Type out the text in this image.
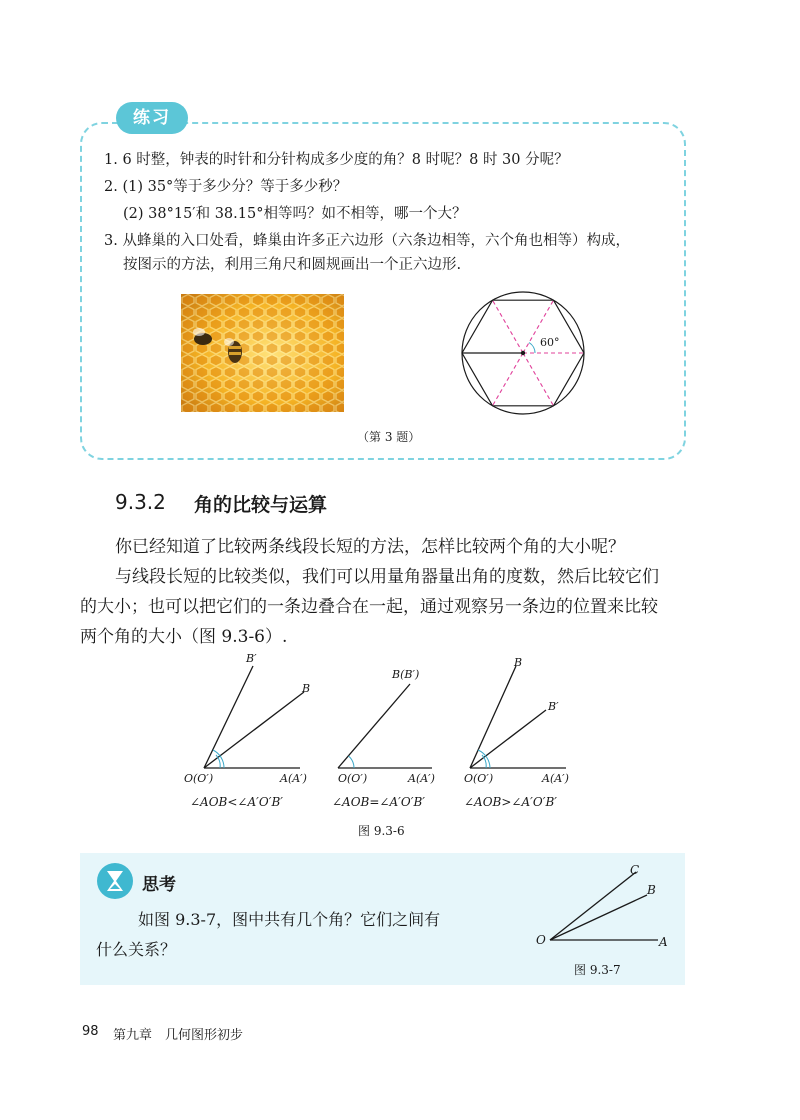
练习
1. 6 时整，钟表的时针和分针构成多少度的角？8 时呢？8 时 30 分呢？
2. (1) 35°等于多少分？等于多少秒？
(2) 38°15′和 38.15°相等吗？如不相等，哪一个大？
3. 从蜂巢的入口处看，蜂巢由许多正六边形（六条边相等，六个角也相等）构成，
按图示的方法，利用三角尺和圆规画出一个正六边形.
60°
（第 3 题）
9.3.2 角的比较与运算
你已经知道了比较两条线段长短的方法，怎样比较两个角的大小呢？
与线段长短的比较类似，我们可以用量角器量出角的度数，然后比较它们
的大小；也可以把它们的一条边叠合在一起，通过观察另一条边的位置来比较
两个角的大小（图 9.3-6）.
B′
B
O(O′)	A(A′)
B(B′)
O(O′)	A(A′)
B
B′
O(O′)	A(A′)
∠AOB<∠A′O′B′	∠AOB=∠A′O′B′	∠AOB>∠A′O′B′
图 9.3-6
思考
如图 9.3-7，图中共有几个角？它们之间有
什么关系？
C
B
O	A
图 9.3-7
98 第九章　几何图形初步
